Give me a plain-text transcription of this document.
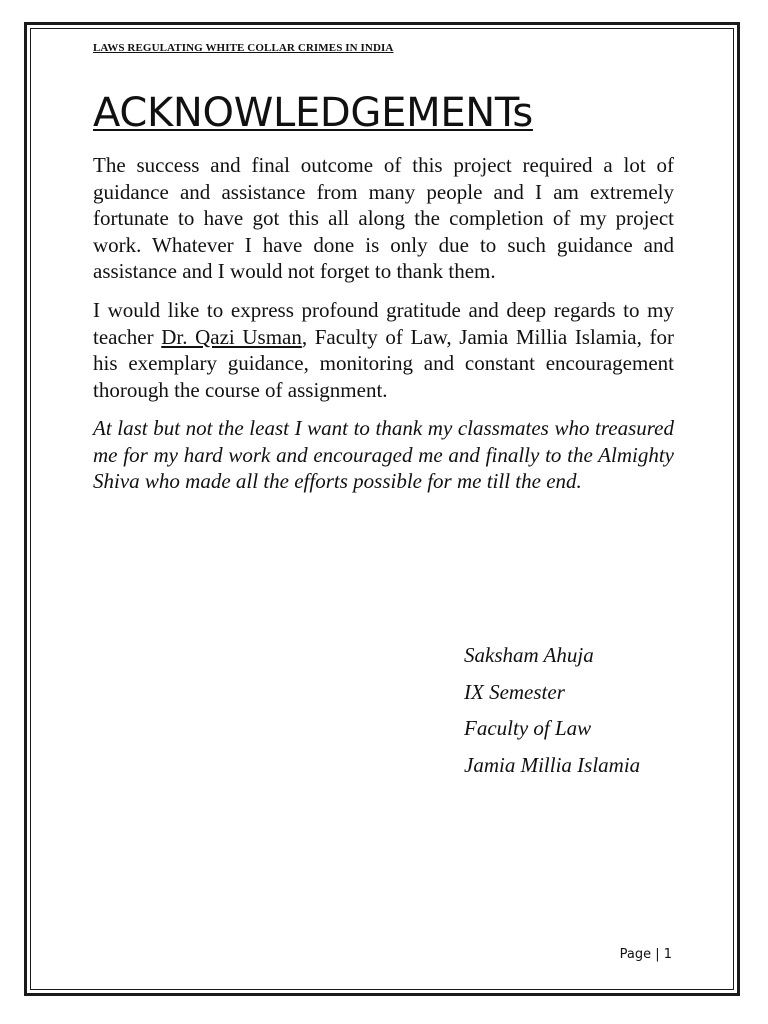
LAWS REGULATING WHITE COLLAR CRIMES IN INDIA
ACKNOWLEDGEMENTs

The success and final outcome of this project required a lot of guidance and assistance from many people and I am extremely fortunate to have got this all along the completion of my project work. Whatever I have done is only due to such guidance and assistance and I would not forget to thank them.

I would like to express profound gratitude and deep regards to my teacher Dr. Qazi Usman, Faculty of Law, Jamia Millia Islamia, for his exemplary guidance, monitoring and constant encouragement thorough the course of assignment.

At last but not the least I want to thank my classmates who treasured me for my hard work and encouraged me and finally to the Almighty Shiva who made all the efforts possible for me till the end.

Saksham Ahuja
IX Semester
Faculty of Law
Jamia Millia Islamia
Page | 1
